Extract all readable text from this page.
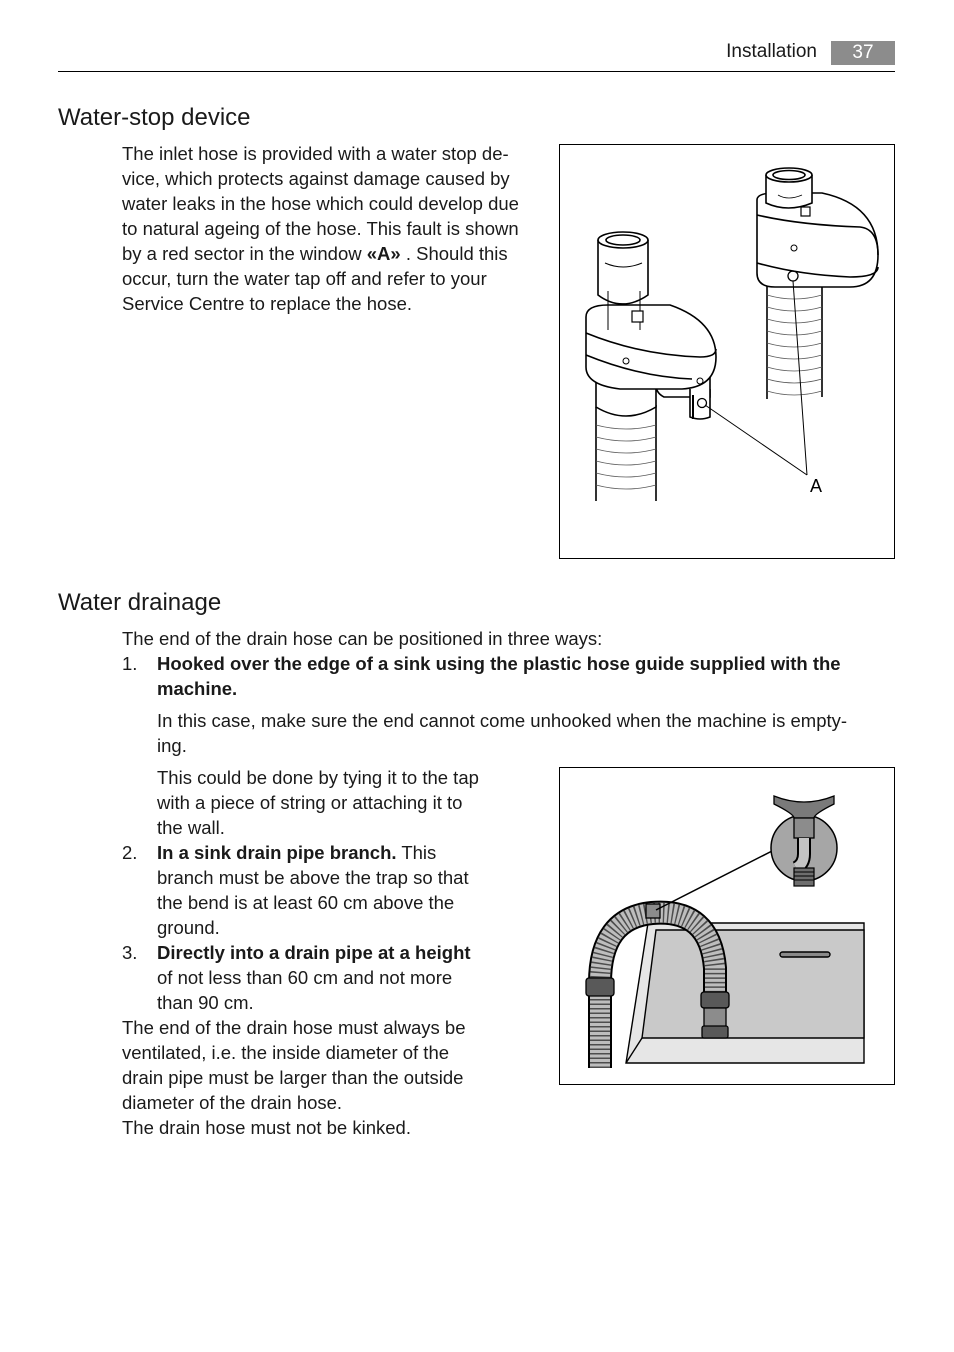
Installation	37
Water-stop device

The inlet hose is provided with a water stop de-

vice, which protects against damage caused by

water leaks in the hose which could develop due

to natural ageing of the hose. This fault is shown

by a red sector in the window «A» . Should this

occur, turn the water tap off and refer to your

Service Centre to replace the hose.

A
Water drainage

The end of the drain hose can be positioned in three ways:

1. Hooked over the edge of a sink using the plastic hose guide supplied with the

machine.

In this case, make sure the end cannot come unhooked when the machine is empty-

ing.

This could be done by tying it to the tap

with a piece of string or attaching it to

the wall.

2. In a sink drain pipe branch. This

branch must be above the trap so that

the bend is at least 60 cm above the

ground.

3. Directly into a drain pipe at a height

of not less than 60 cm and not more

than 90 cm.

The end of the drain hose must always be

ventilated, i.e. the inside diameter of the

drain pipe must be larger than the outside

diameter of the drain hose.

The drain hose must not be kinked.
